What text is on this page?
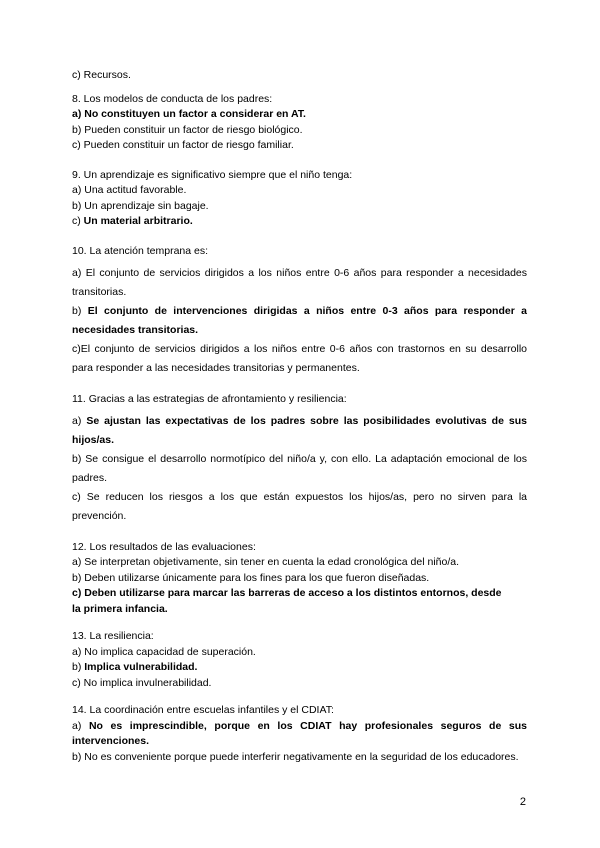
c) Recursos.
8. Los modelos de conducta de los padres:
a) No constituyen un factor a considerar en AT.
b) Pueden constituir un factor de riesgo biológico.
c) Pueden constituir un factor de riesgo familiar.
9. Un aprendizaje es significativo siempre que el niño tenga:
a) Una actitud favorable.
b) Un aprendizaje sin bagaje.
c) Un material arbitrario.
10. La atención temprana es:
a) El conjunto de servicios dirigidos a los niños entre 0-6 años para responder a necesidades transitorias.
b) El conjunto de intervenciones dirigidas a niños entre 0-3 años para responder a necesidades transitorias.
c)El conjunto de servicios dirigidos a los niños entre 0-6 años con trastornos en su desarrollo para responder a las necesidades transitorias y permanentes.
11. Gracias a las estrategias de afrontamiento y resiliencia:
a) Se ajustan las expectativas de los padres sobre las posibilidades evolutivas de sus hijos/as.
b) Se consigue el desarrollo normotípico del niño/a y, con ello. La adaptación emocional de los padres.
c) Se reducen los riesgos a los que están expuestos los hijos/as, pero no sirven para la prevención.
12. Los resultados de las evaluaciones:
a) Se interpretan objetivamente, sin tener en cuenta la edad cronológica del niño/a.
b) Deben utilizarse únicamente para los fines para los que fueron diseñadas.
c) Deben utilizarse para marcar las barreras de acceso a los distintos entornos, desde
la primera infancia.
13. La resiliencia:
a) No implica capacidad de superación.
b) Implica vulnerabilidad.
c) No implica invulnerabilidad.
14. La coordinación entre escuelas infantiles y el CDIAT:
a) No es imprescindible, porque en los CDIAT hay profesionales seguros de sus intervenciones.
b) No es conveniente porque puede interferir negativamente en la seguridad de los educadores.
2
